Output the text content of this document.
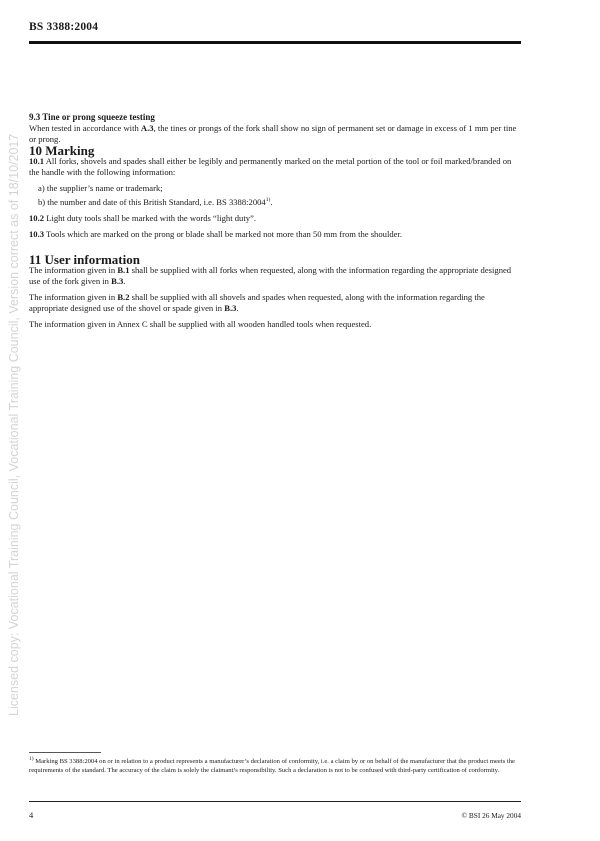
BS 3388:2004
Licensed copy: Vocational Training Council, Vocational Training Council, Version correct as of 18/10/2017

9.3 Tine or prong squeeze testing

When tested in accordance with A.3, the tines or prongs of the fork shall show no sign of permanent set or damage in excess of 1 mm per tine or prong.

10 Marking

10.1 All forks, shovels and spades shall either be legibly and permanently marked on the metal portion of the tool or foil marked/branded on the handle with the following information:

a) the supplier’s name or trademark;

b) the number and date of this British Standard, i.e. BS 3388:2004$^{1)}$.

10.2 Light duty tools shall be marked with the words “light duty”.

10.3 Tools which are marked on the prong or blade shall be marked not more than 50 mm from the shoulder.

11 User information

The information given in B.1 shall be supplied with all forks when requested, along with the information regarding the appropriate designed use of the fork given in B.3.

The information given in B.2 shall be supplied with all shovels and spades when requested, along with the information regarding the appropriate designed use of the shovel or spade given in B.3.

The information given in Annex C shall be supplied with all wooden handled tools when requested.

$^{1)}$ Marking BS 3388:2004 on or in relation to a product represents a manufacturer’s declaration of conformity, i.e. a claim by or on behalf of the manufacturer that the product meets the requirements of the standard. The accuracy of the claim is solely the claimant’s responsibility. Such a declaration is not to be confused with third-party certification of conformity.

4	© BSI 26 May 2004
